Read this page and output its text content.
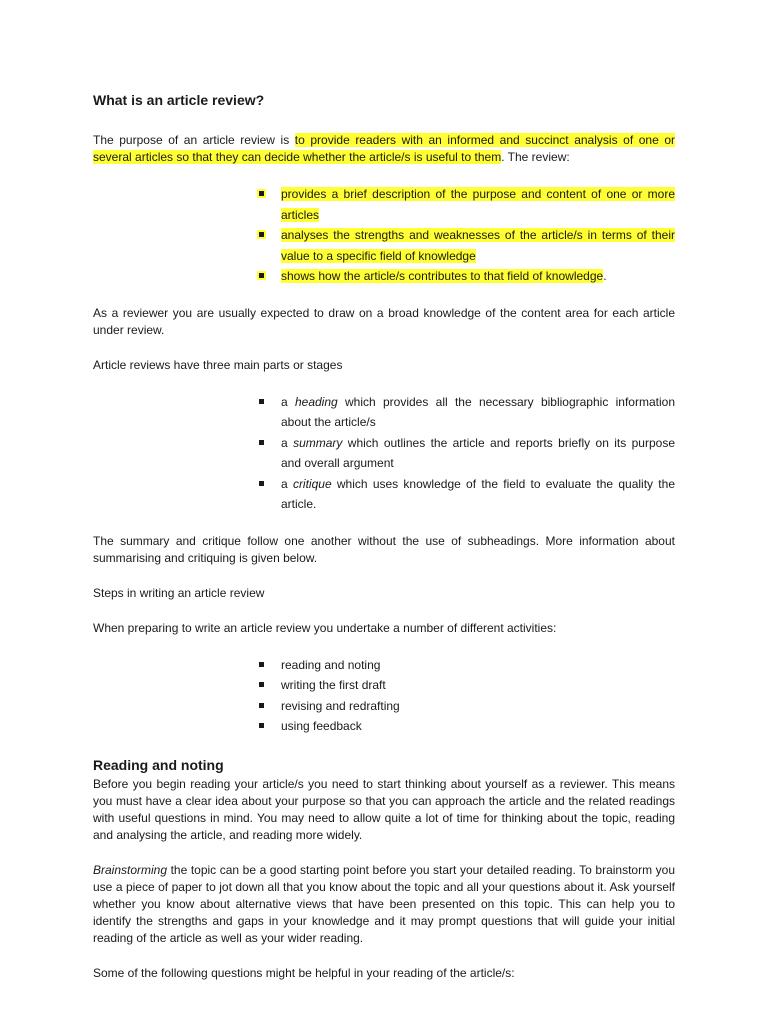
What is an article review?

The purpose of an article review is to provide readers with an informed and succinct analysis of one or several articles so that they can decide whether the article/s is useful to them. The review:

provides a brief description of the purpose and content of one or more articles
analyses the strengths and weaknesses of the article/s in terms of their value to a specific field of knowledge
shows how the article/s contributes to that field of knowledge.

As a reviewer you are usually expected to draw on a broad knowledge of the content area for each article under review.

Article reviews have three main parts or stages

a heading which provides all the necessary bibliographic information about the article/s
a summary which outlines the article and reports briefly on its purpose and overall argument
a critique which uses knowledge of the field to evaluate the quality the article.

The summary and critique follow one another without the use of subheadings. More information about summarising and critiquing is given below.

Steps in writing an article review

When preparing to write an article review you undertake a number of different activities:

reading and noting
writing the first draft
revising and redrafting
using feedback
Reading and noting

Before you begin reading your article/s you need to start thinking about yourself as a reviewer. This means you must have a clear idea about your purpose so that you can approach the article and the related readings with useful questions in mind. You may need to allow quite a lot of time for thinking about the topic, reading and analysing the article, and reading more widely.

Brainstorming the topic can be a good starting point before you start your detailed reading. To brainstorm you use a piece of paper to jot down all that you know about the topic and all your questions about it. Ask yourself whether you know about alternative views that have been presented on this topic. This can help you to identify the strengths and gaps in your knowledge and it may prompt questions that will guide your initial reading of the article as well as your wider reading.

Some of the following questions might be helpful in your reading of the article/s:
